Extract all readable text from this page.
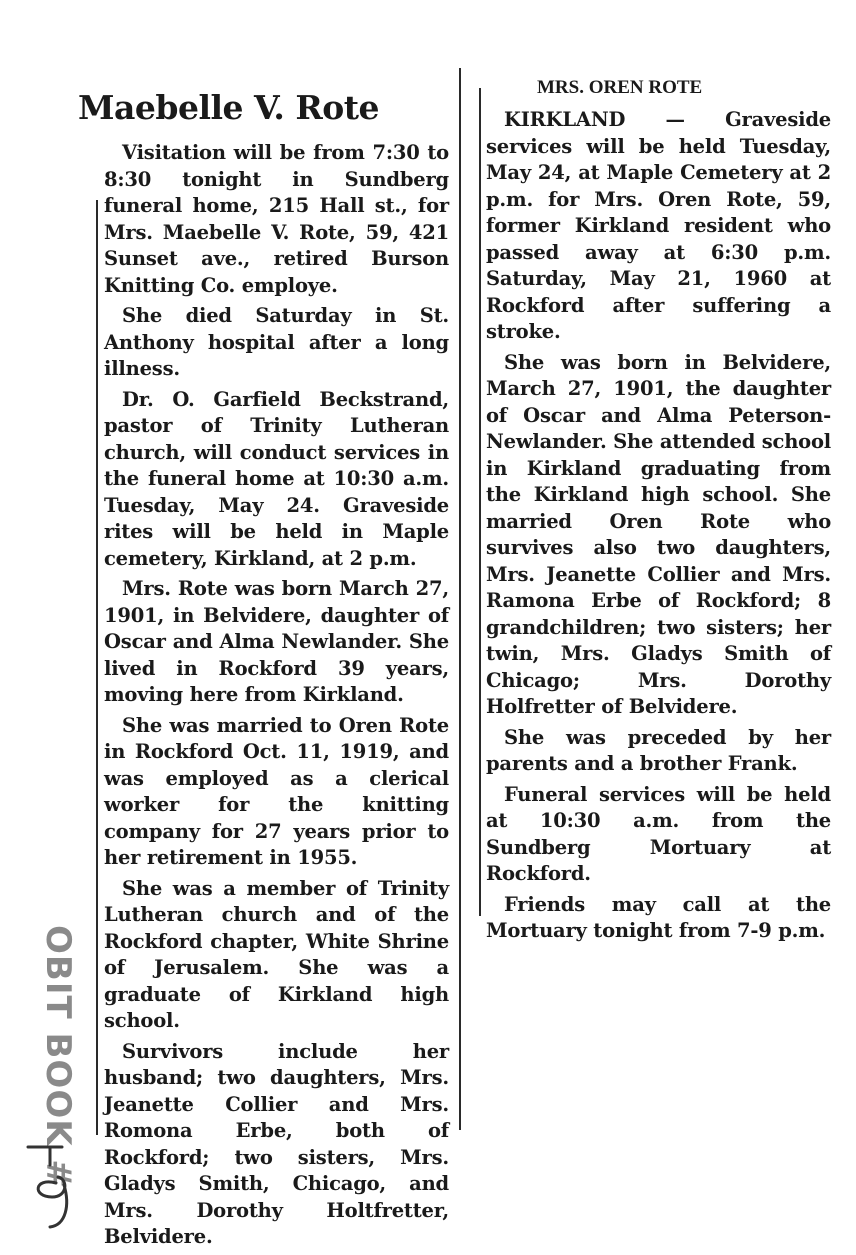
Maebelle V. Rote

Visitation will be from 7:30 to 8:30 tonight in Sundberg funeral home, 215 Hall st., for Mrs. Maebelle V. Rote, 59, 421 Sunset ave., retired Burson Knitting Co. employe.

She died Saturday in St. Anthony hospital after a long illness.

Dr. O. Garfield Beckstrand, pastor of Trinity Lutheran church, will conduct services in the funeral home at 10:30 a.m. Tuesday, May 24. Graveside rites will be held in Maple cemetery, Kirkland, at 2 p.m.

Mrs. Rote was born March 27, 1901, in Belvidere, daughter of Oscar and Alma Newlander. She lived in Rockford 39 years, moving here from Kirkland.

She was married to Oren Rote in Rockford Oct. 11, 1919, and was employed as a clerical worker for the knitting company for 27 years prior to her retirement in 1955.

She was a member of Trinity Lutheran church and of the Rockford chapter, White Shrine of Jerusalem. She was a graduate of Kirkland high school.

Survivors include her husband; two daughters, Mrs. Jeanette Collier and Mrs. Romona Erbe, both of Rockford; two sisters, Mrs. Gladys Smith, Chicago, and Mrs. Dorothy Holtfretter, Belvidere.

MRS. OREN ROTE

KIRKLAND — Graveside services will be held Tuesday, May 24, at Maple Cemetery at 2 p.m. for Mrs. Oren Rote, 59, former Kirkland resident who passed away at 6:30 p.m. Saturday, May 21, 1960 at Rockford after suffering a stroke.

She was born in Belvidere, March 27, 1901, the daughter of Oscar and Alma Peterson-Newlander. She attended school in Kirkland graduating from the Kirkland high school. She married Oren Rote who survives also two daughters, Mrs. Jeanette Collier and Mrs. Ramona Erbe of Rockford; 8 grandchildren; two sisters; her twin, Mrs. Gladys Smith of Chicago; Mrs. Dorothy Holfretter of Belvidere.

She was preceded by her parents and a brother Frank.

Funeral services will be held at 10:30 a.m. from the Sundberg Mortuary at Rockford.

Friends may call at the Mortuary tonight from 7-9 p.m.

OBIT BOOK #
